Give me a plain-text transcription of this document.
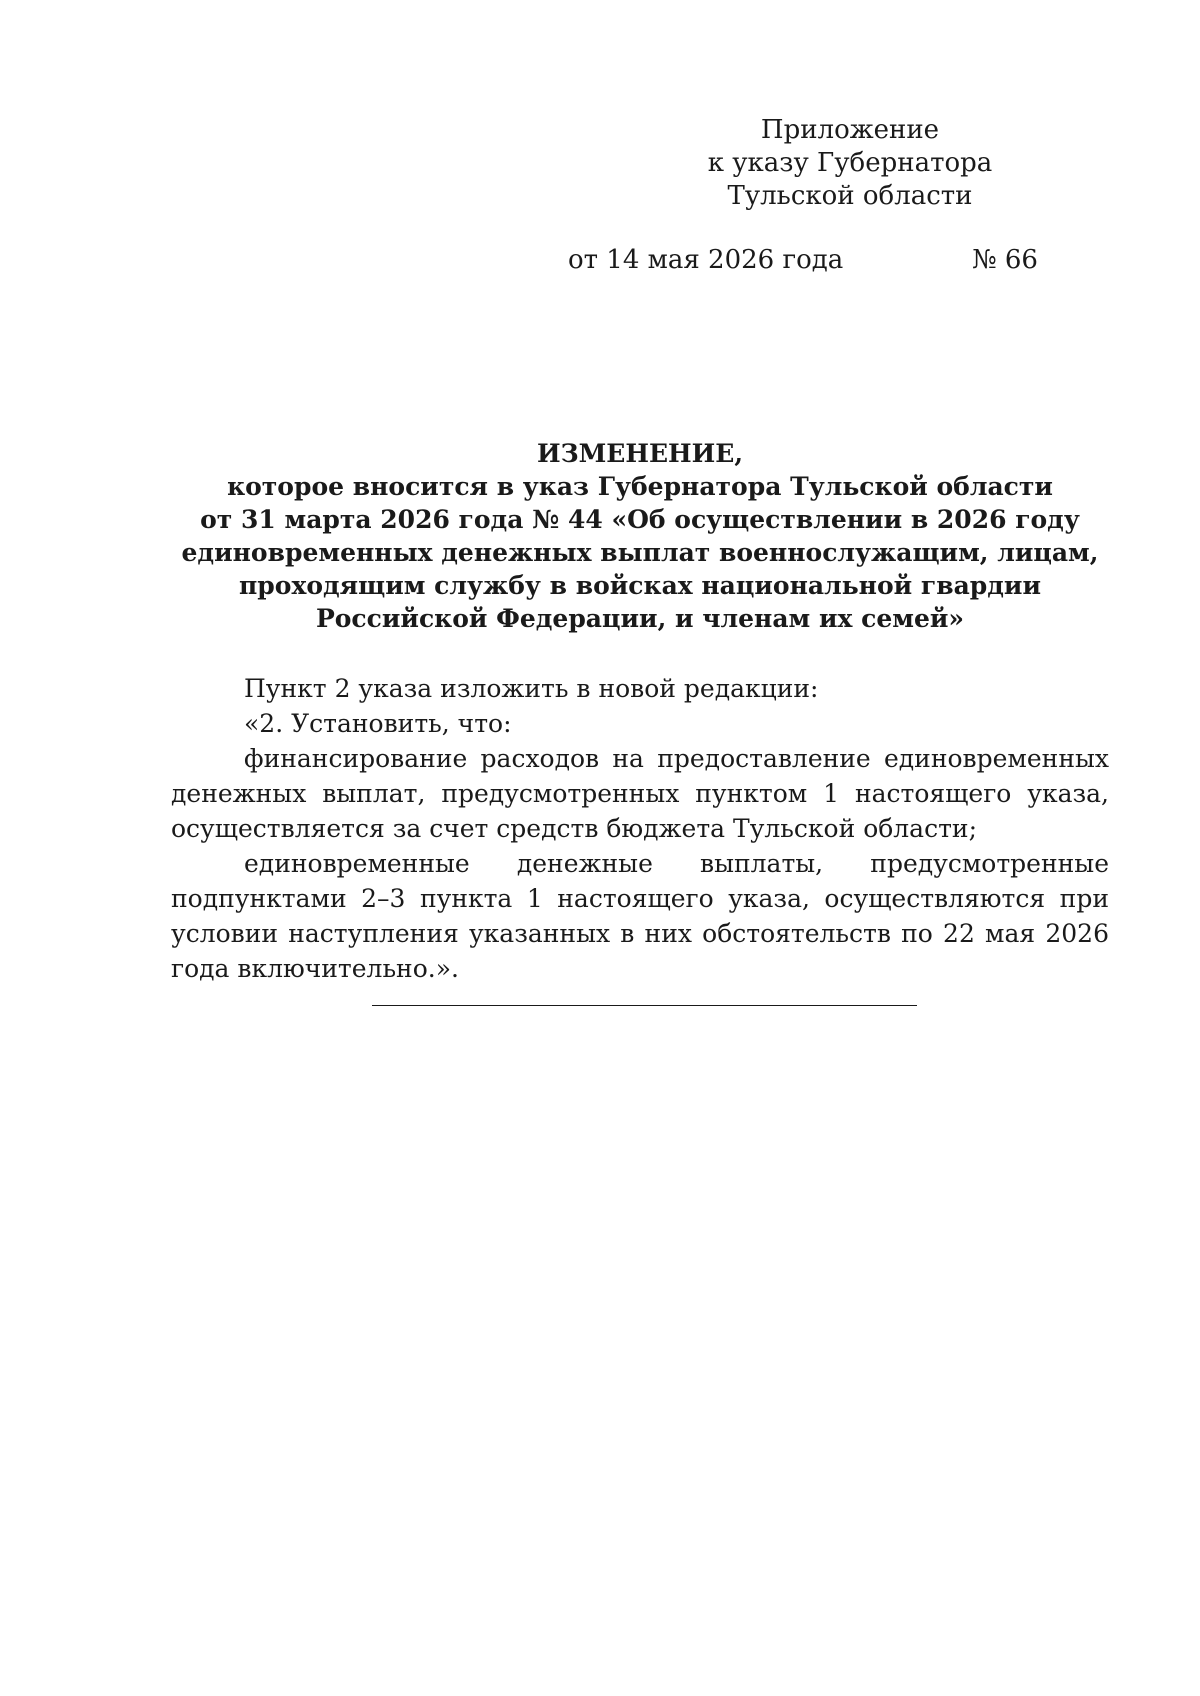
Приложение
к указу Губернатора
Тульской области
от 14 мая 2026 года	№ 66
ИЗМЕНЕНИЕ,
которое вносится в указ Губернатора Тульской области
от 31 марта 2026 года № 44 «Об осуществлении в 2026 году
единовременных денежных выплат военнослужащим, лицам,
проходящим службу в войсках национальной гвардии
Российской Федерации, и членам их семей»

Пункт 2 указа изложить в новой редакции:

«2. Установить, что:

финансирование расходов на предоставление единовременных денежных выплат, предусмотренных пунктом 1 настоящего указа, осуществляется за счет средств бюджета Тульской области;

единовременные денежные выплаты, предусмотренные подпунктами 2–3 пункта 1 настоящего указа, осуществляются при условии наступления указанных в них обстоятельств по 22 мая 2026 года включительно.».
